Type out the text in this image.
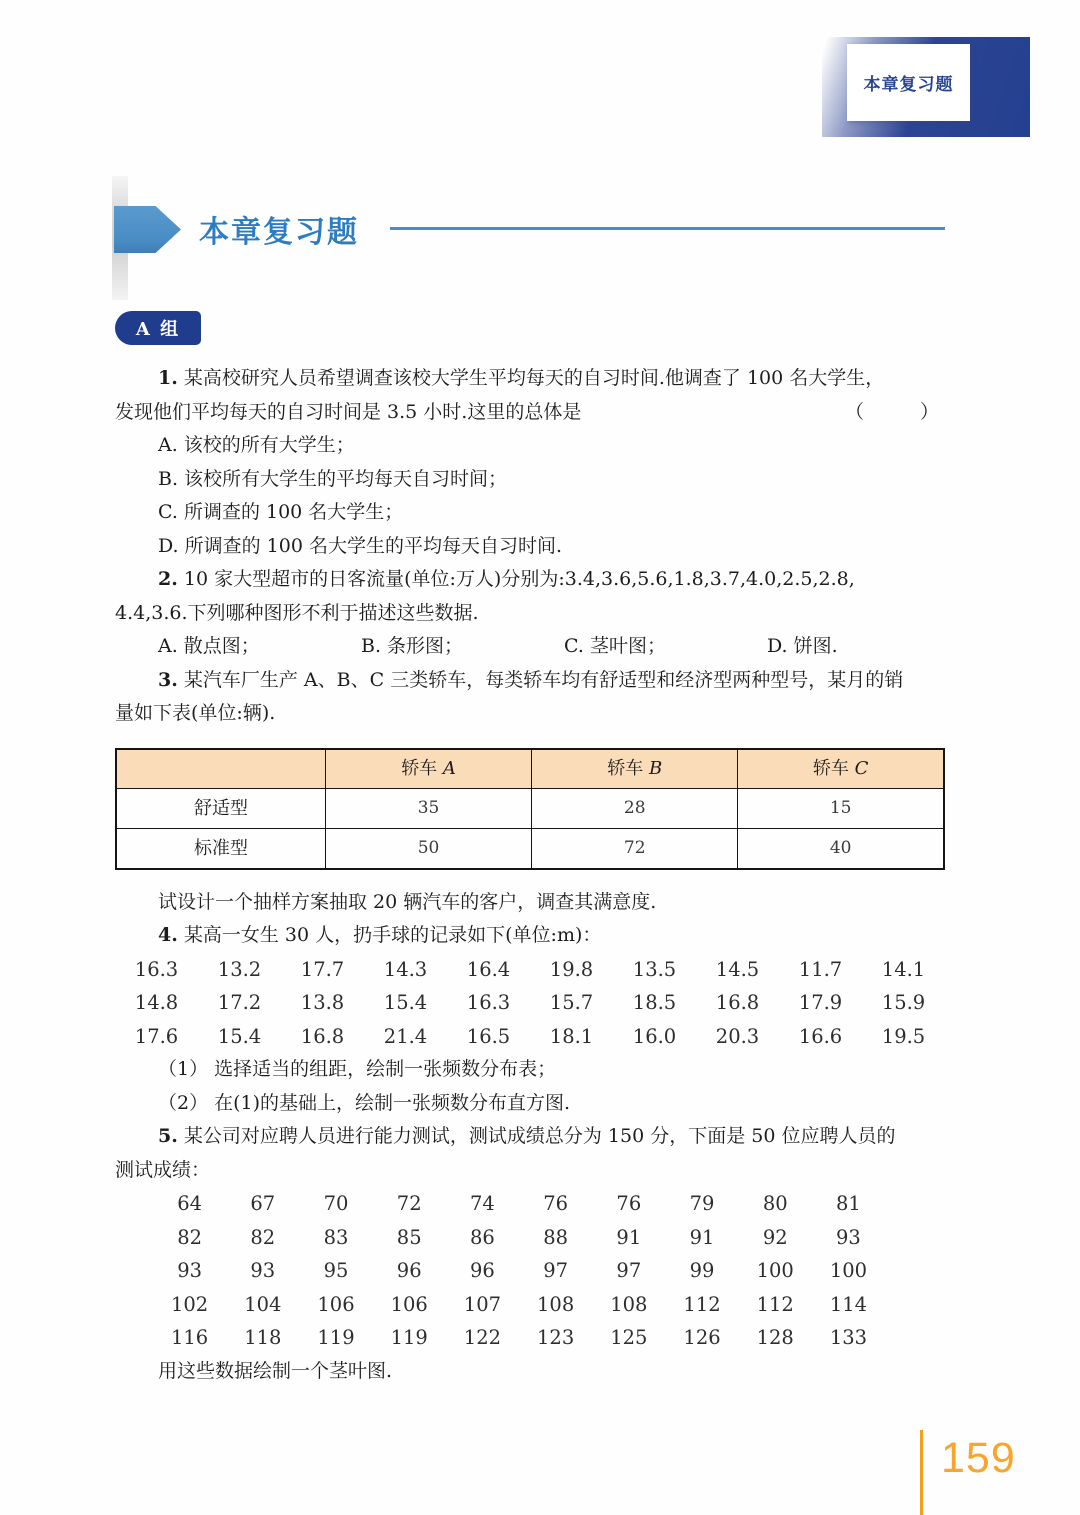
本章复习题
本章复习题
A 组
1. 某高校研究人员希望调查该校大学生平均每天的自习时间.他调查了 100 名大学生，
发现他们平均每天的自习时间是 3.5 小时.这里的总体是	（　　）
A. 该校的所有大学生；
B. 该校所有大学生的平均每天自习时间；
C. 所调查的 100 名大学生；
D. 所调查的 100 名大学生的平均每天自习时间.
2. 10 家大型超市的日客流量(单位:万人)分别为:3.4,3.6,5.6,1.8,3.7,4.0,2.5,2.8,
4.4,3.6.下列哪种图形不利于描述这些数据.
A. 散点图；	B. 条形图；	C. 茎叶图；	D. 饼图.
3. 某汽车厂生产 A、B、C 三类轿车，每类轿车均有舒适型和经济型两种型号，某月的销
量如下表(单位:辆).
	轿车 A	轿车 B	轿车 C
舒适型	35	28	15
标准型	50	72	40
试设计一个抽样方案抽取 20 辆汽车的客户，调查其满意度.
4. 某高一女生 30 人，扔手球的记录如下(单位:m)：
16.3	13.2	17.7	14.3	16.4	19.8	13.5	14.5	11.7	14.1
14.8	17.2	13.8	15.4	16.3	15.7	18.5	16.8	17.9	15.9
17.6	15.4	16.8	21.4	16.5	18.1	16.0	20.3	16.6	19.5
（1） 选择适当的组距，绘制一张频数分布表；
（2） 在(1)的基础上，绘制一张频数分布直方图.
5. 某公司对应聘人员进行能力测试，测试成绩总分为 150 分，下面是 50 位应聘人员的
测试成绩：
64	67	70	72	74	76	76	79	80	81
82	82	83	85	86	88	91	91	92	93
93	93	95	96	96	97	97	99	100	100
102	104	106	106	107	108	108	112	112	114
116	118	119	119	122	123	125	126	128	133
用这些数据绘制一个茎叶图.
159
